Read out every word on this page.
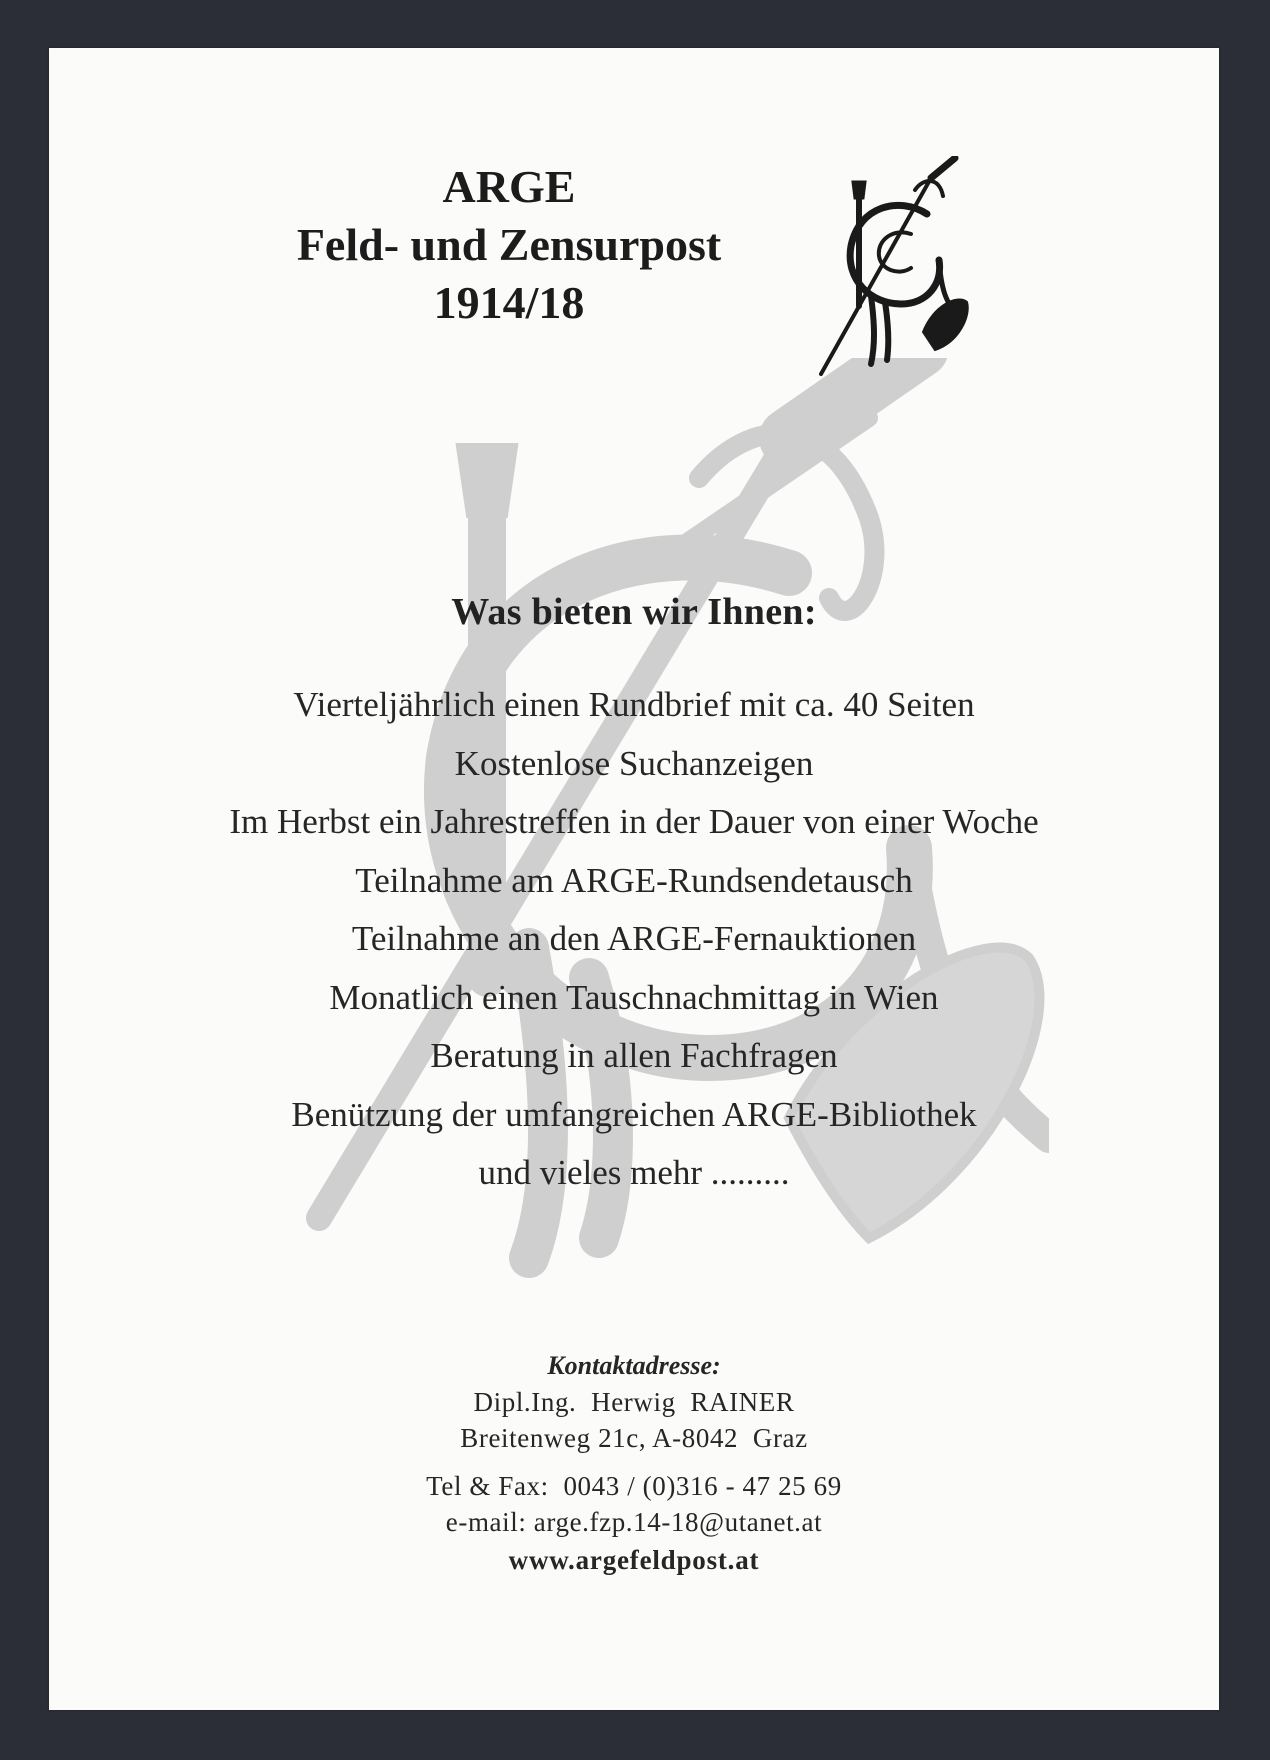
ARGE
Feld- und Zensurpost
1914/18
Was bieten wir Ihnen:
Vierteljährlich einen Rundbrief mit ca. 40 Seiten
Kostenlose Suchanzeigen
Im Herbst ein Jahrestreffen in der Dauer von einer Woche
Teilnahme am ARGE-Rundsendetausch
Teilnahme an den ARGE-Fernauktionen
Monatlich einen Tauschnachmittag in Wien
Beratung in allen Fachfragen
Benützung der umfangreichen ARGE-Bibliothek
und vieles mehr .........
Kontaktadresse:
Dipl.Ing.  Herwig  RAINER
Breitenweg 21c, A-8042  Graz
Tel & Fax:  0043 / (0)316 - 47 25 69
e-mail: arge.fzp.14-18@utanet.at
www.argefeldpost.at
